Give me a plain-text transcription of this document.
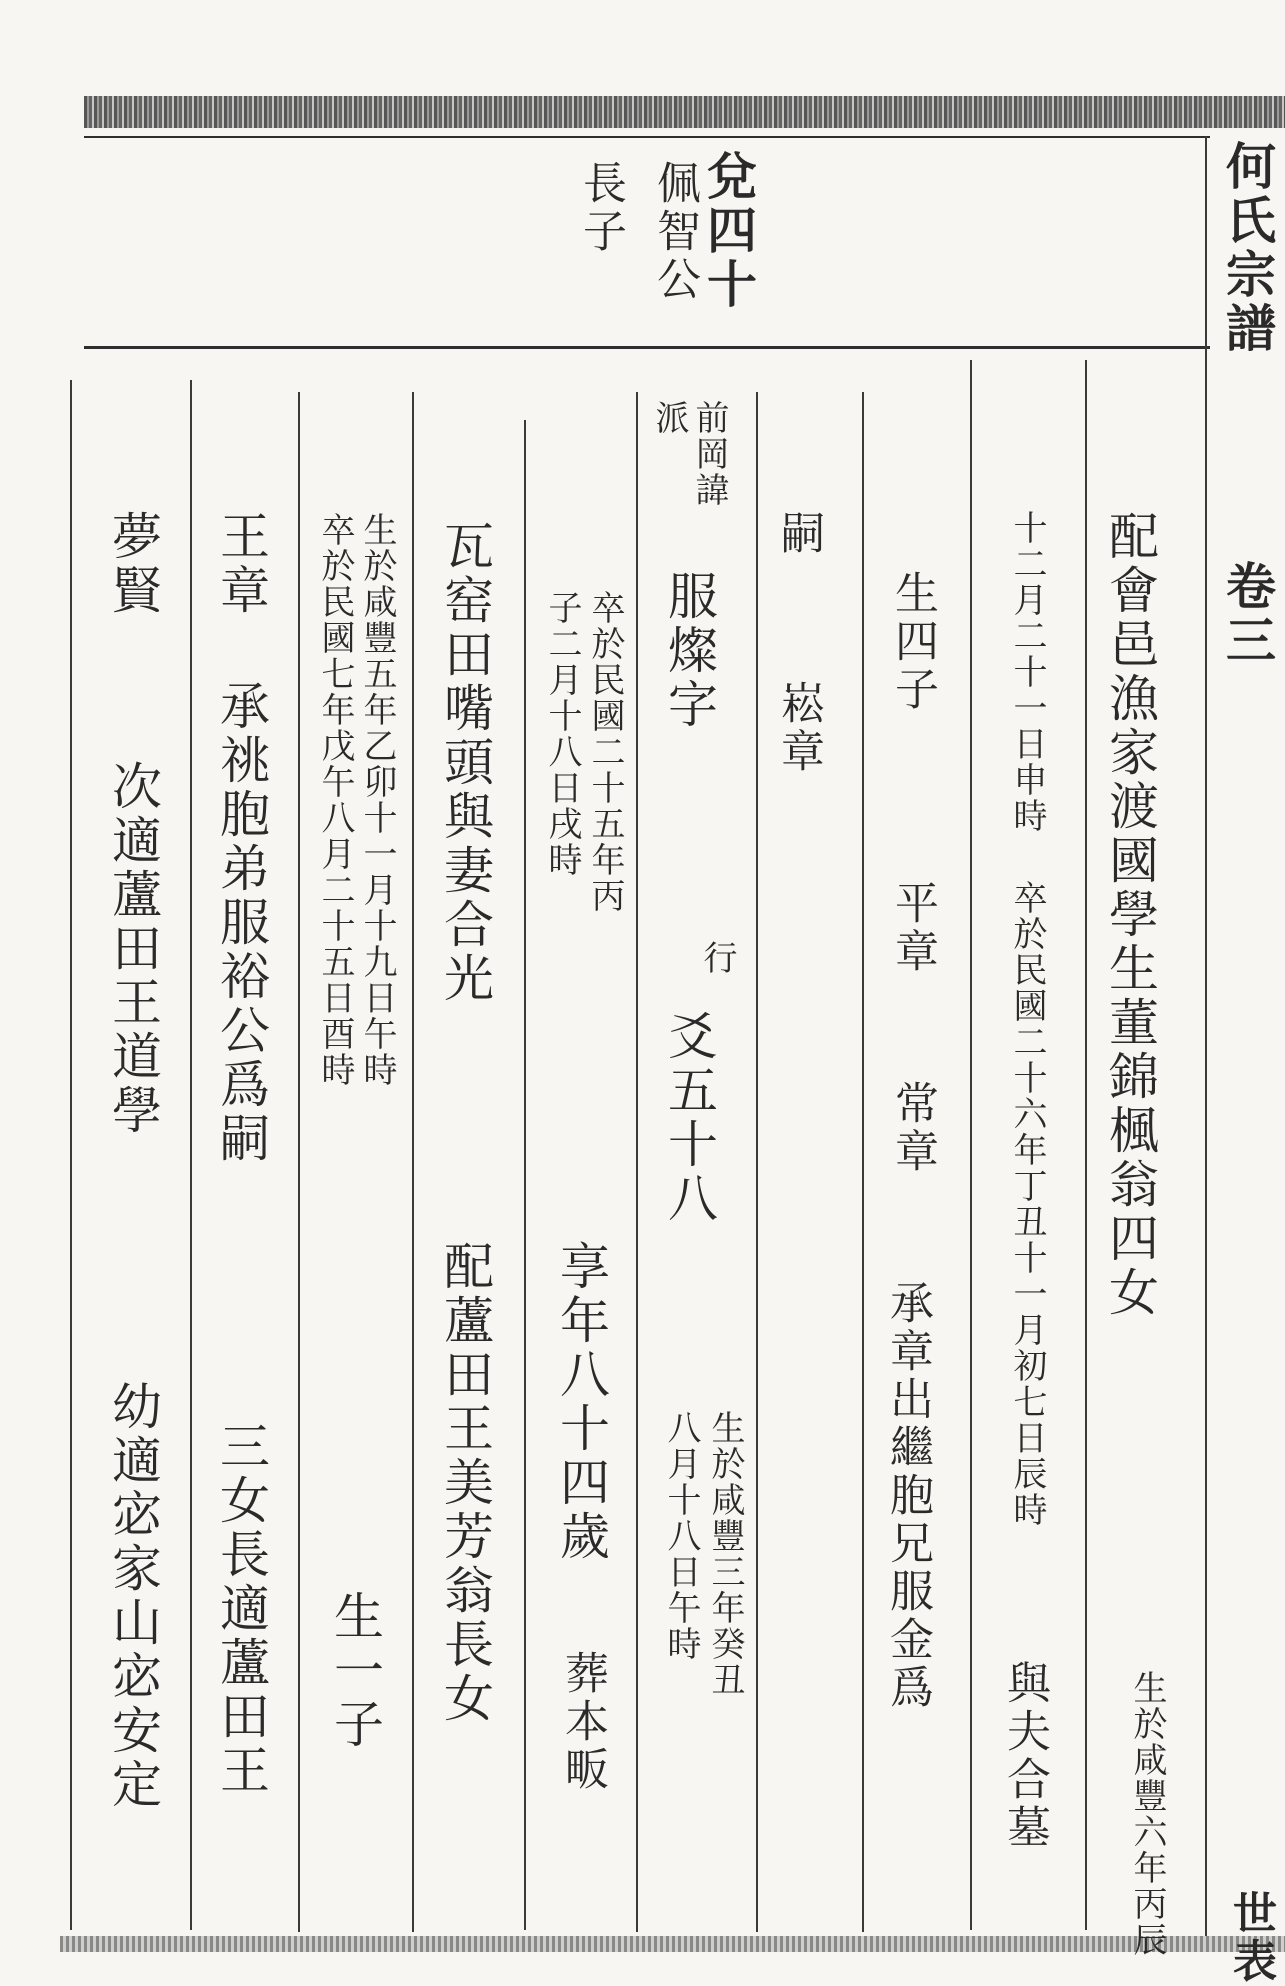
何氏宗譜
卷三
世表
兌四十
佩智公
長子
配會邑漁家渡國學生董錦楓翁四女
生於咸豐六年丙辰
十二月二十一日申時
卒於民國二十六年丁丑十一月初七日辰時
與夫合墓
生四子
平章
常章
承章出繼胞兄服金爲
嗣
崧章
前岡諱
派
服燦字
行
爻五十八
生於咸豐三年癸丑
八月十八日午時
卒於民國二十五年丙
子二月十八日戌時
享年八十四歲
葬本畈
瓦窑田嘴頭與妻合光
配蘆田王美芳翁長女
生於咸豐五年乙卯十一月十九日午時
卒於民國七年戊午八月二十五日酉時
生一子
王章
承祧胞弟服裕公爲嗣
三女長適蘆田王
夢賢
次適蘆田王道學
幼適宓家山宓安定
